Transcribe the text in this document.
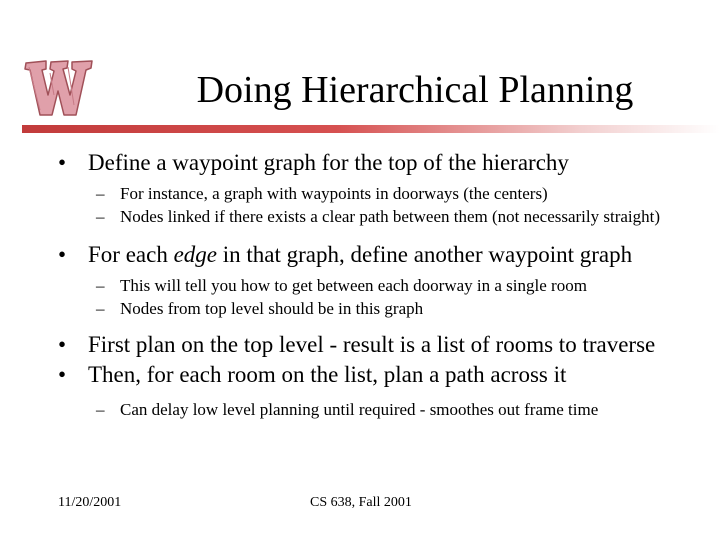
Doing Hierarchical Planning
• Define a waypoint graph for the top of the hierarchy
– For instance, a graph with waypoints in doorways (the centers)
– Nodes linked if there exists a clear path between them (not necessarily straight)
• For each edge in that graph, define another waypoint graph
– This will tell you how to get between each doorway in a single room
– Nodes from top level should be in this graph
• First plan on the top level - result is a list of rooms to traverse
• Then, for each room on the list, plan a path across it
– Can delay low level planning until required - smoothes out frame time
11/20/2001	CS 638, Fall 2001
